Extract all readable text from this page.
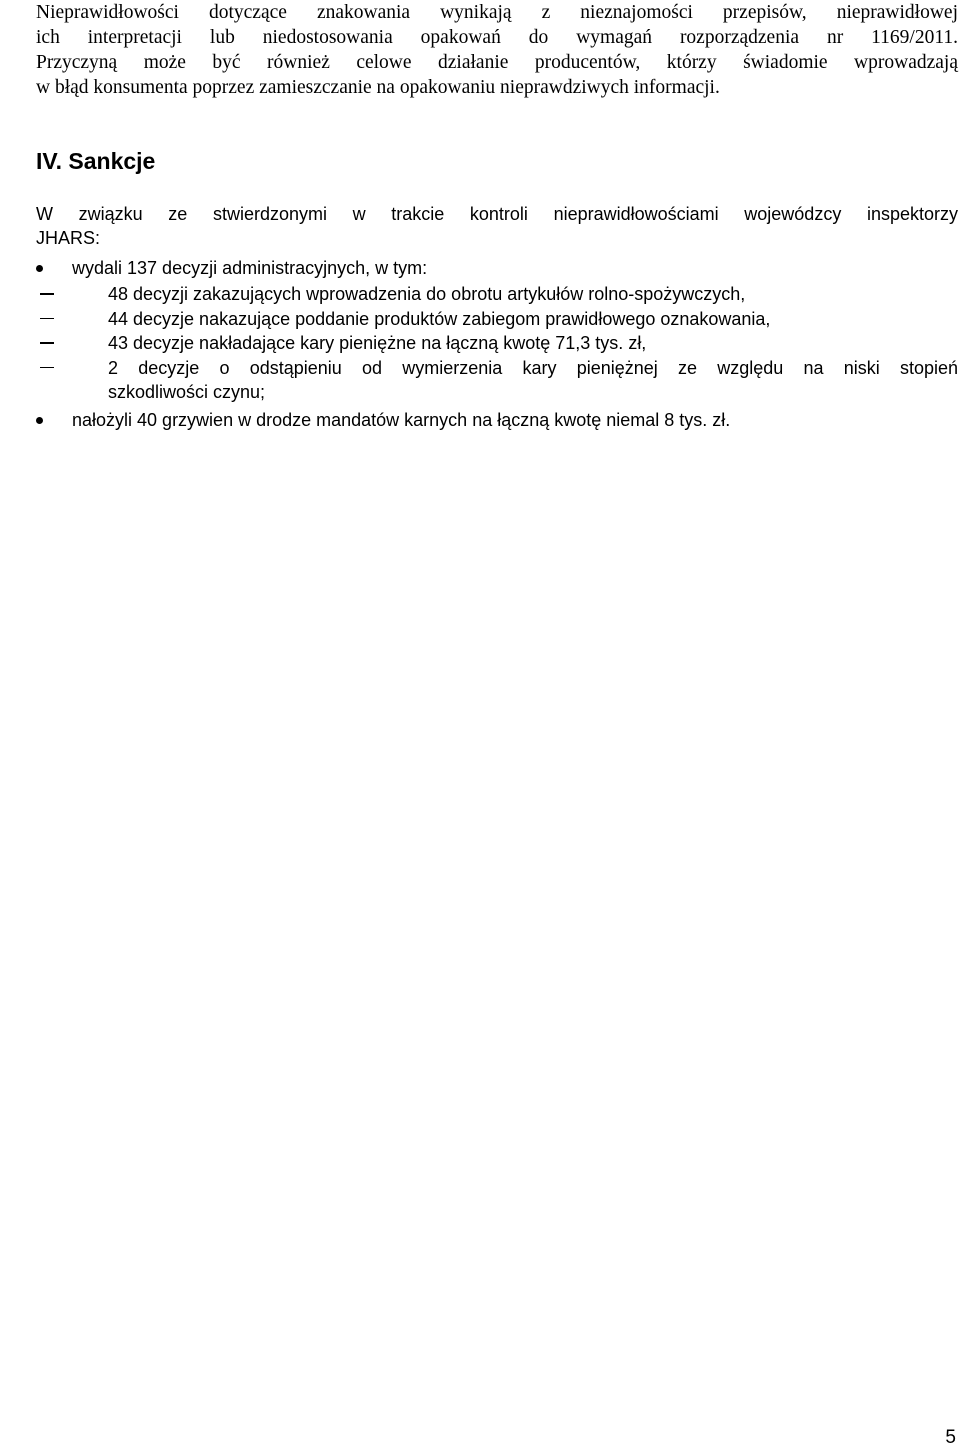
Nieprawidłowości dotyczące znakowania wynikają z nieznajomości przepisów, nieprawidłowej
ich interpretacji lub niedostosowania opakowań do wymagań rozporządzenia nr 1169/2011.
Przyczyną może być również celowe działanie producentów, którzy świadomie wprowadzają
w błąd konsumenta poprzez zamieszczanie na opakowaniu nieprawdziwych informacji.

IV. Sankcje

W związku ze stwierdzonymi w trakcie kontroli nieprawidłowościami wojewódzcy inspektorzy
JHARS:

wydali 137 decyzji administracyjnych, w tym:
48 decyzji zakazujących wprowadzenia do obrotu artykułów rolno-spożywczych,
44 decyzje nakazujące poddanie produktów zabiegom prawidłowego oznakowania,
43 decyzje nakładające kary pieniężne na łączną kwotę 71,3 tys. zł,
2 decyzje o odstąpieniu od wymierzenia kary pieniężnej ze względu na niski stopień
szkodliwości czynu;
nałożyli 40 grzywien w drodze mandatów karnych na łączną kwotę niemal 8 tys. zł.
5
